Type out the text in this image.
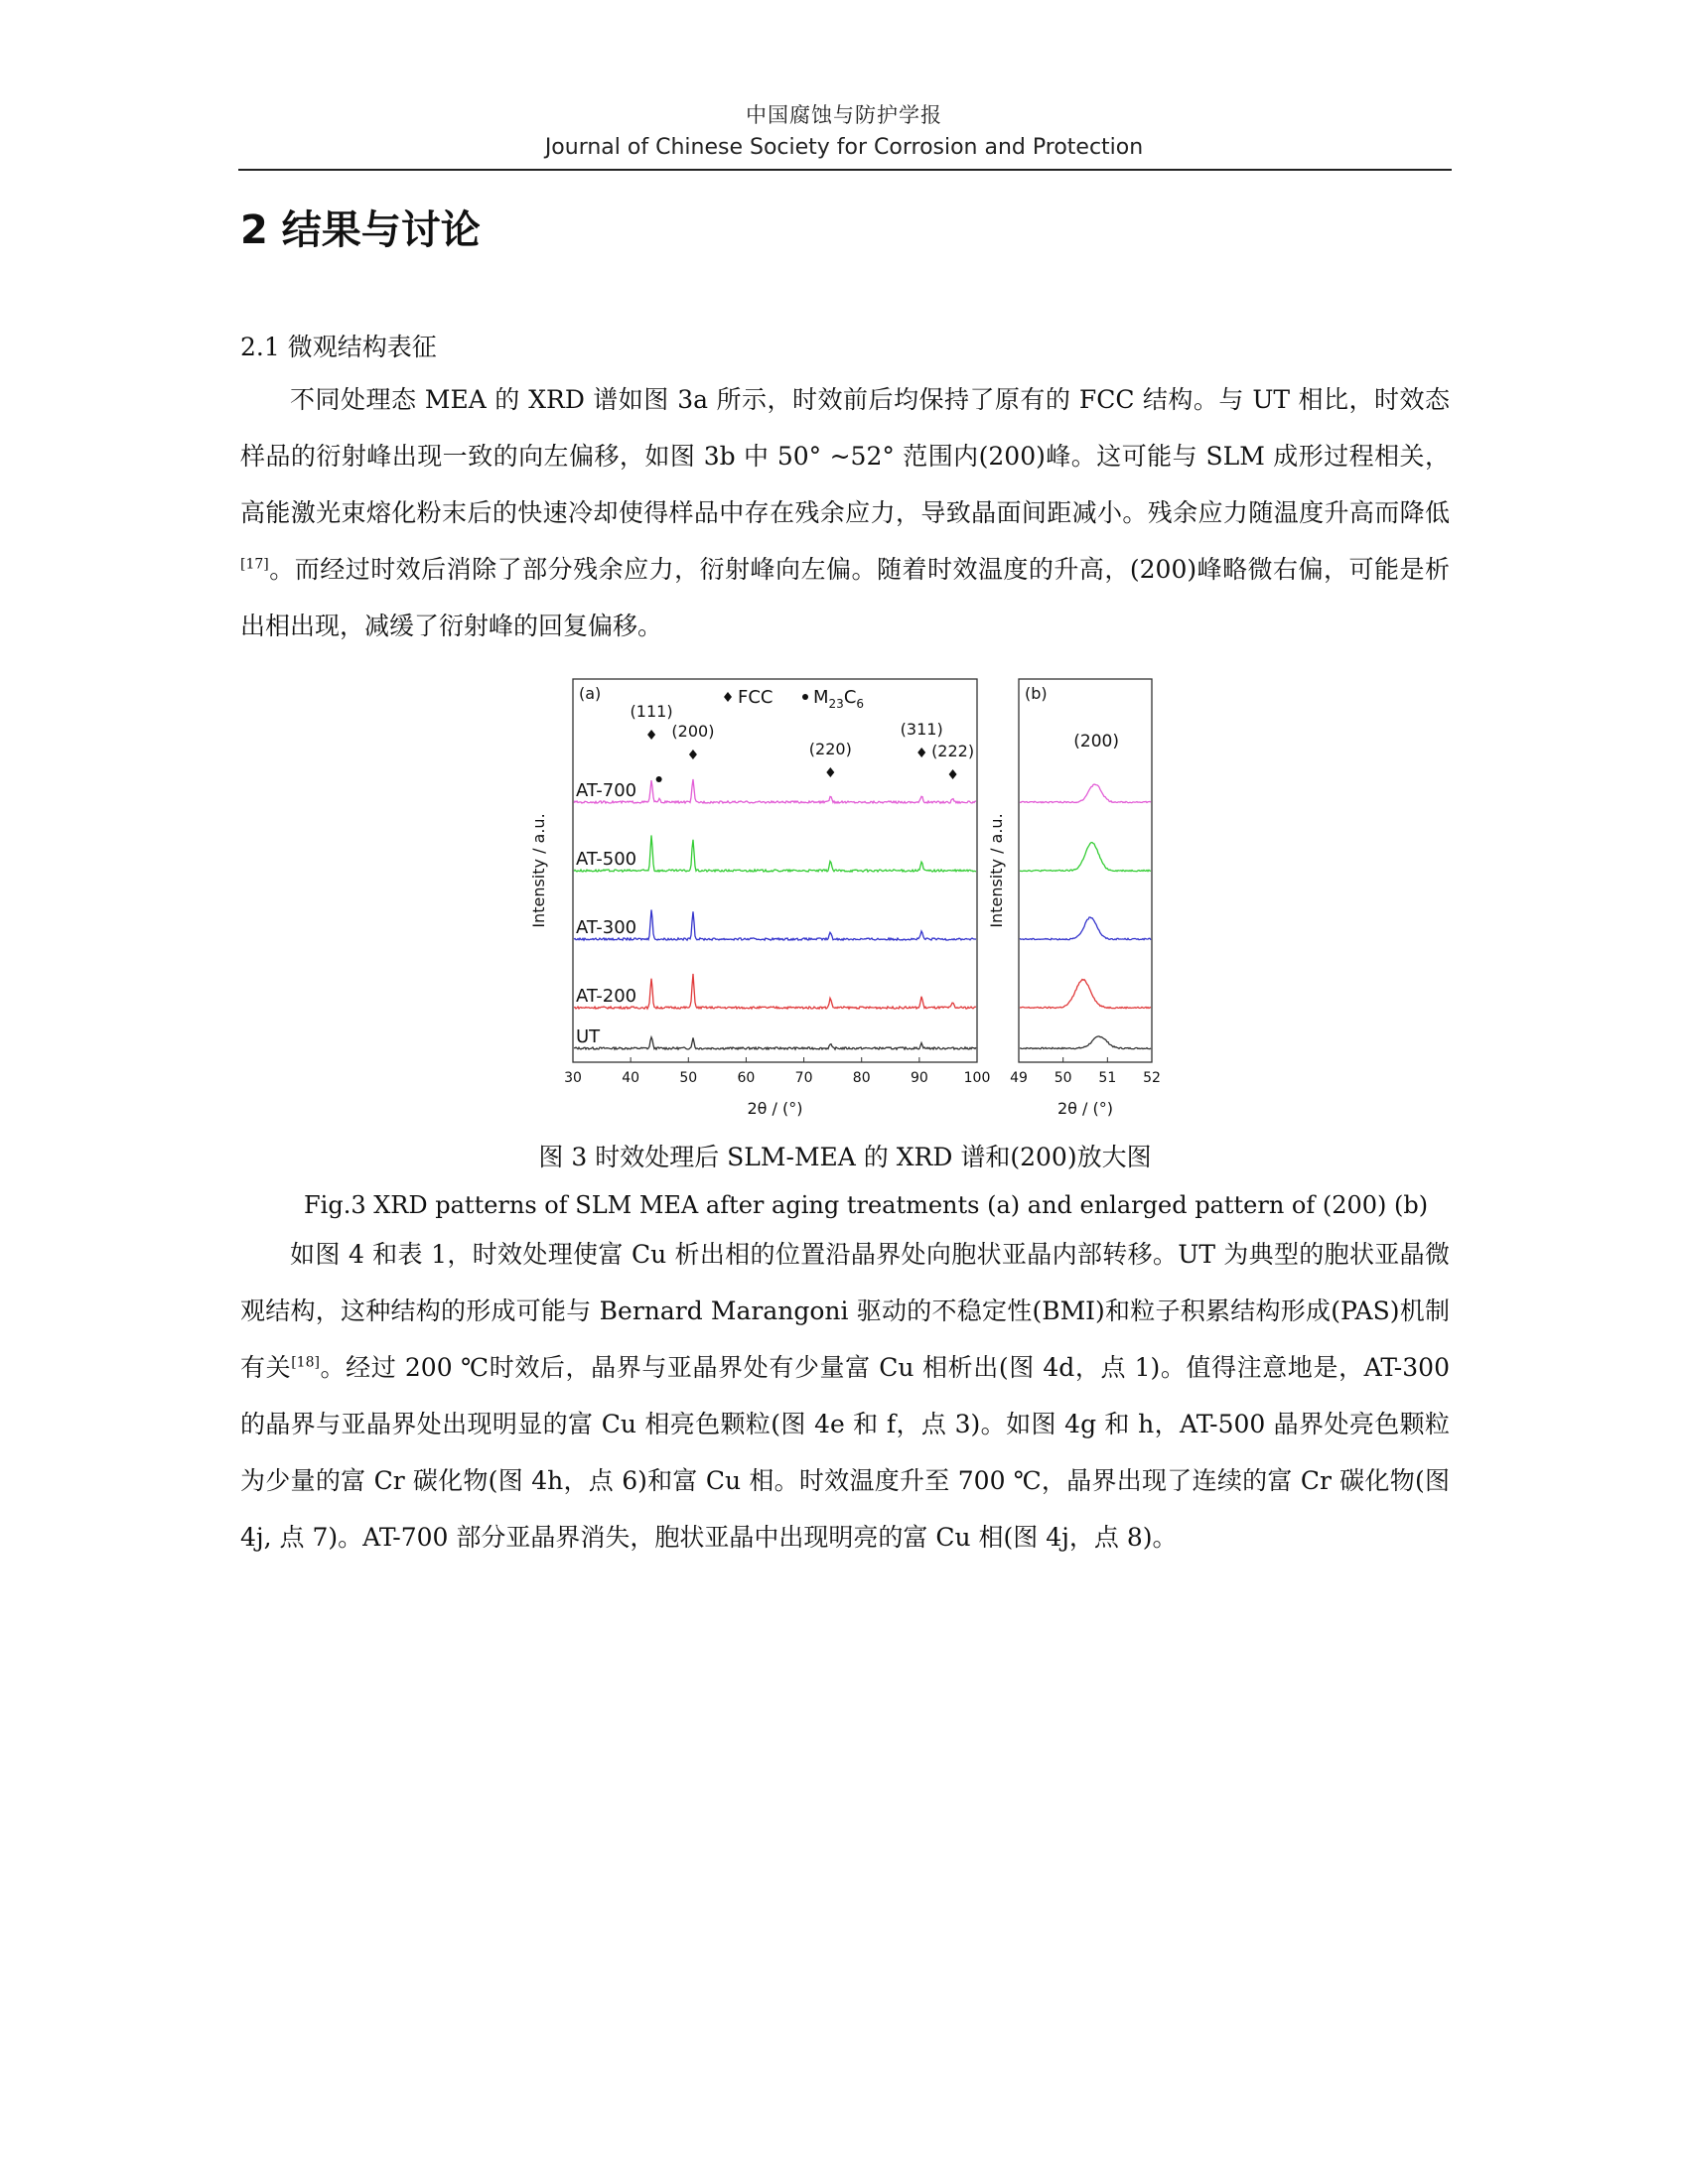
中国腐蚀与防护学报
Journal of Chinese Society for Corrosion and Protection
2 结果与讨论
2.1 微观结构表征

不同处理态 MEA 的 XRD 谱如图 3a 所示，时效前后均保持了原有的 FCC 结构。与 UT 相比，时效态样品的衍射峰出现一致的向左偏移，如图 3b 中 50° ~52° 范围内(200)峰。这可能与 SLM 成形过程相关，高能激光束熔化粉末后的快速冷却使得样品中存在残余应力，导致晶面间距减小。残余应力随温度升高而降低[17]。而经过时效后消除了部分残余应力，衍射峰向左偏。随着时效温度的升高，(200)峰略微右偏，可能是析出相出现，减缓了衍射峰的回复偏移。

UT
AT-200
AT-300
AT-500
AT-700
(111)
(200)
(220)
(311)
(222)
(a)	FCC $M_{23}C_6$
30	40	50	60	70	80	90	100
2θ / (°)
Intensity / a.u.
(b)
(200)
49 50 51 52
2θ / (°)
Intensity / a.u.
图 3 时效处理后 SLM-MEA 的 XRD 谱和(200)放大图
Fig.3 XRD patterns of SLM MEA after aging treatments (a) and enlarged pattern of (200) (b)

如图 4 和表 1，时效处理使富 Cu 析出相的位置沿晶界处向胞状亚晶内部转移。UT 为典型的胞状亚晶微观结构，这种结构的形成可能与 Bernard Marangoni 驱动的不稳定性(BMI)和粒子积累结构形成(PAS)机制有关[18]。经过 200 ℃时效后，晶界与亚晶界处有少量富 Cu 相析出(图 4d，点 1)。值得注意地是，AT-300 的晶界与亚晶界处出现明显的富 Cu 相亮色颗粒(图 4e 和 f，点 3)。如图 4g 和 h，AT-500 晶界处亮色颗粒为少量的富 Cr 碳化物(图 4h，点 6)和富 Cu 相。时效温度升至 700 ℃，晶界出现了连续的富 Cr 碳化物(图 4j, 点 7)。AT-700 部分亚晶界消失，胞状亚晶中出现明亮的富 Cu 相(图 4j，点 8)。
